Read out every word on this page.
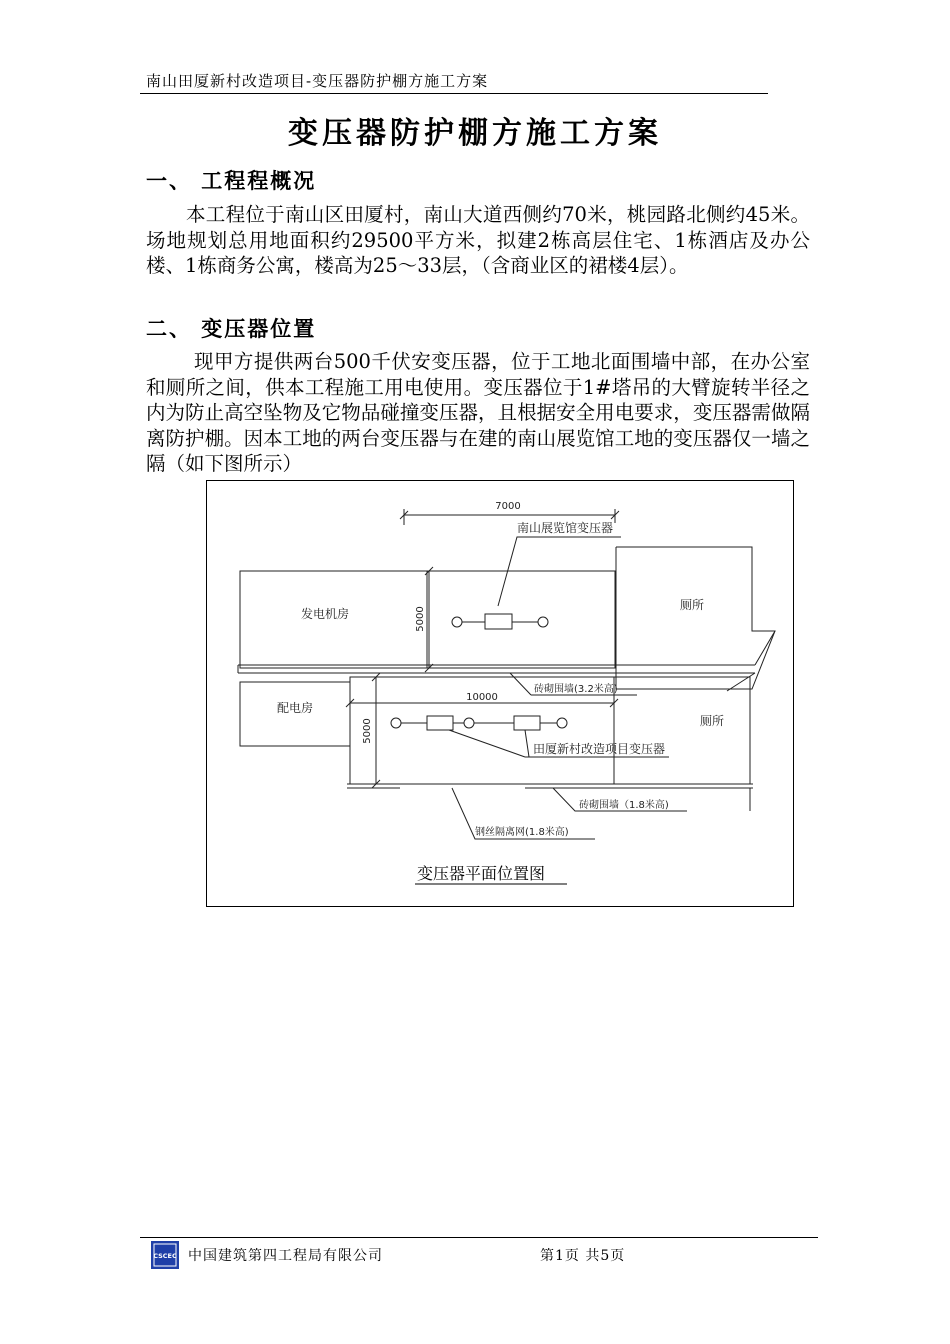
南山田厦新村改造项目-变压器防护棚方施工方案
变压器防护棚方施工方案
一、 工程程概况
本工程位于南山区田厦村，南山大道西侧约70米，桃园路北侧约45米。场地规划总用地面积约29500平方米，拟建2栋高层住宅、1栋酒店及办公楼、1栋商务公寓，楼高为25～33层，（含商业区的裙楼4层）。
二、 变压器位置
现甲方提供两台500千伏安变压器，位于工地北面围墙中部，在办公室和厕所之间，供本工程施工用电使用。变压器位于1#塔吊的大臂旋转半径之内为防止高空坠物及它物品碰撞变压器，且根据安全用电要求，变压器需做隔离防护棚。因本工地的两台变压器与在建的南山展览馆工地的变压器仅一墙之隔（如下图所示）
7000
南山展览馆变压器
发电机房
厕所
5000
砖砌围墙(3.2米高)
10000
配电房
厕所
5000
田厦新村改造项目变压器
砖砌围墙（1.8米高)
钢丝隔离网(1.8米高)
变压器平面位置图
CSCEC 中国建筑第四工程局有限公司	第1页 共5页
